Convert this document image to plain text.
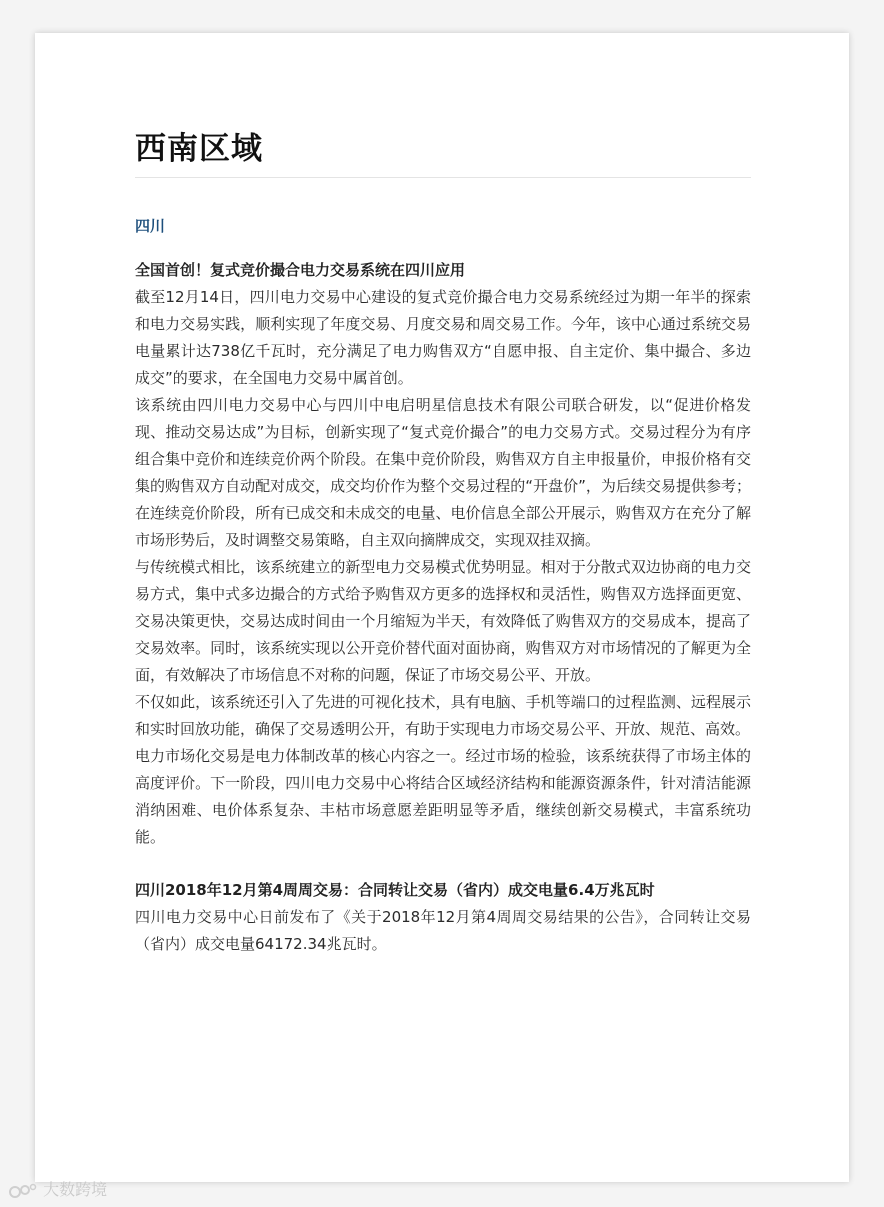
西南区域
四川
全国首创！复式竞价撮合电力交易系统在四川应用

截至12月14日，四川电力交易中心建设的复式竞价撮合电力交易系统经过为期一年半的探索和电力交易实践，顺利实现了年度交易、月度交易和周交易工作。今年，该中心通过系统交易电量累计达738亿千瓦时，充分满足了电力购售双方“自愿申报、自主定价、集中撮合、多边成交”的要求，在全国电力交易中属首创。

该系统由四川电力交易中心与四川中电启明星信息技术有限公司联合研发，以“促进价格发现、推动交易达成”为目标，创新实现了“复式竞价撮合”的电力交易方式。交易过程分为有序组合集中竞价和连续竞价两个阶段。在集中竞价阶段，购售双方自主申报量价，申报价格有交集的购售双方自动配对成交，成交均价作为整个交易过程的“开盘价”，为后续交易提供参考；在连续竞价阶段，所有已成交和未成交的电量、电价信息全部公开展示，购售双方在充分了解市场形势后，及时调整交易策略，自主双向摘牌成交，实现双挂双摘。

与传统模式相比，该系统建立的新型电力交易模式优势明显。相对于分散式双边协商的电力交易方式，集中式多边撮合的方式给予购售双方更多的选择权和灵活性，购售双方选择面更宽、交易决策更快，交易达成时间由一个月缩短为半天，有效降低了购售双方的交易成本，提高了交易效率。同时，该系统实现以公开竞价替代面对面协商，购售双方对市场情况的了解更为全面，有效解决了市场信息不对称的问题，保证了市场交易公平、开放。

不仅如此，该系统还引入了先进的可视化技术，具有电脑、手机等端口的过程监测、远程展示和实时回放功能，确保了交易透明公开，有助于实现电力市场交易公平、开放、规范、高效。

电力市场化交易是电力体制改革的核心内容之一。经过市场的检验，该系统获得了市场主体的高度评价。下一阶段，四川电力交易中心将结合区域经济结构和能源资源条件，针对清洁能源消纳困难、电价体系复杂、丰枯市场意愿差距明显等矛盾，继续创新交易模式，丰富系统功能。

四川2018年12月第4周周交易：合同转让交易（省内）成交电量6.4万兆瓦时

四川电力交易中心日前发布了《关于2018年12月第4周周交易结果的公告》，合同转让交易（省内）成交电量64172.34兆瓦时。

大数跨境
